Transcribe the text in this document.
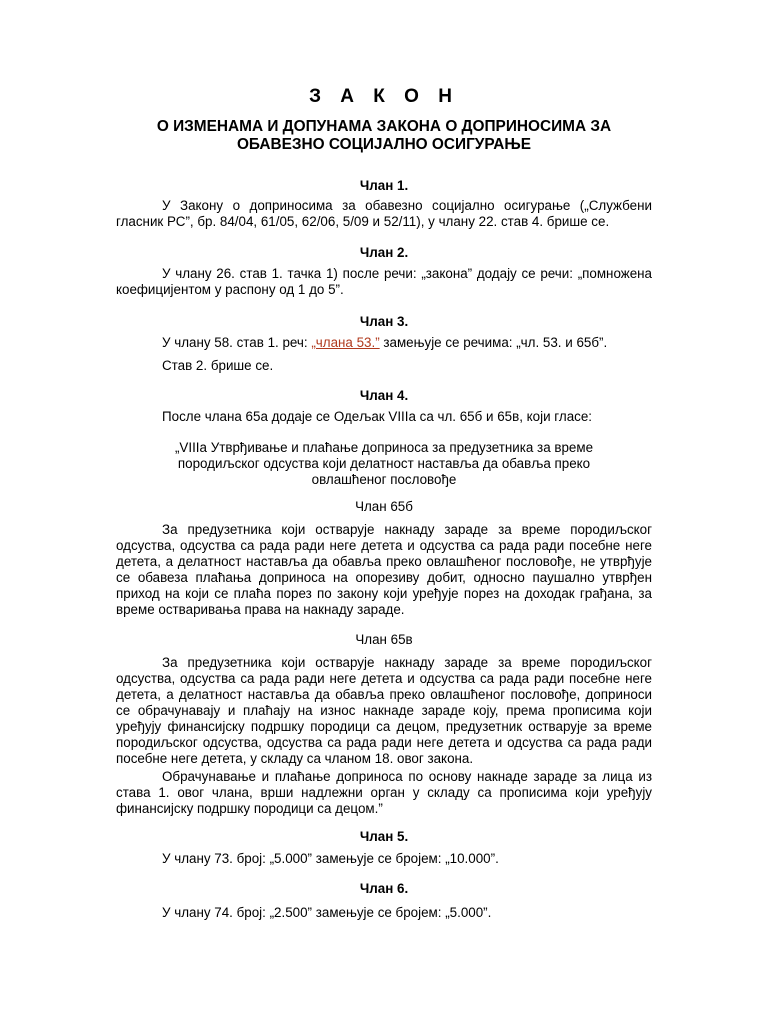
З А К О Н
О ИЗМЕНАМА И ДОПУНАМА ЗАКОНА О ДОПРИНОСИМА ЗА ОБАВЕЗНО СОЦИЈАЛНО ОСИГУРАЊЕ
Члан 1.

У Закону о доприносима за обавезно социјално осигурање („Службени гласник РС”, бр. 84/04, 61/05, 62/06, 5/09 и 52/11), у члану 22. став 4. брише се.

Члан 2.

У члану 26. став 1. тачка 1) после речи: „закона” додају се речи: „помножена коефицијентом у распону од 1 до 5”.

Члан 3.

У члану 58. став 1. реч: „члана 53.” замењује се речима: „чл. 53. и 65б”.

Став 2. брише се.

Члан 4.

После члана 65а додаје се Одељак VIIIа са чл. 65б и 65в, који гласе:

„VIIIа Утврђивање и плаћање доприноса за предузетника за време породиљског одсуства који делатност наставља да обавља преко овлашћеног пословође
Члан 65б

За предузетника који остварује накнаду зараде за време породиљског одсуства, одсуства са рада ради неге детета и одсуства са рада ради посебне неге детета, а делатност наставља да обавља преко овлашћеног пословође, не утврђује се обавеза плаћања доприноса на опорезиву добит, односно паушално утврђен приход на који се плаћа порез по закону који уређује порез на доходак грађана, за време остваривања права на накнаду зараде.

Члан 65в

За предузетника који остварује накнаду зараде за време породиљског одсуства, одсуства са рада ради неге детета и одсуства са рада ради посебне неге детета, а делатност наставља да обавља преко овлашћеног пословође, доприноси се обрачунавају и плаћају на износ накнаде зараде коју, према прописима који уређују финансијску подршку породици са децом, предузетник остварује за време породиљског одсуства, одсуства са рада ради неге детета и одсуства са рада ради посебне неге детета, у складу са чланом 18. овог закона.

Обрачунавање и плаћање доприноса по основу накнаде зараде за лица из става 1. овог члана, врши надлежни орган у складу са прописима који уређују финансијску подршку породици са децом.”

Члан 5.

У члану 73. број: „5.000” замењује се бројем: „10.000”.

Члан 6.

У члану 74. број: „2.500” замењује се бројем: „5.000”.
